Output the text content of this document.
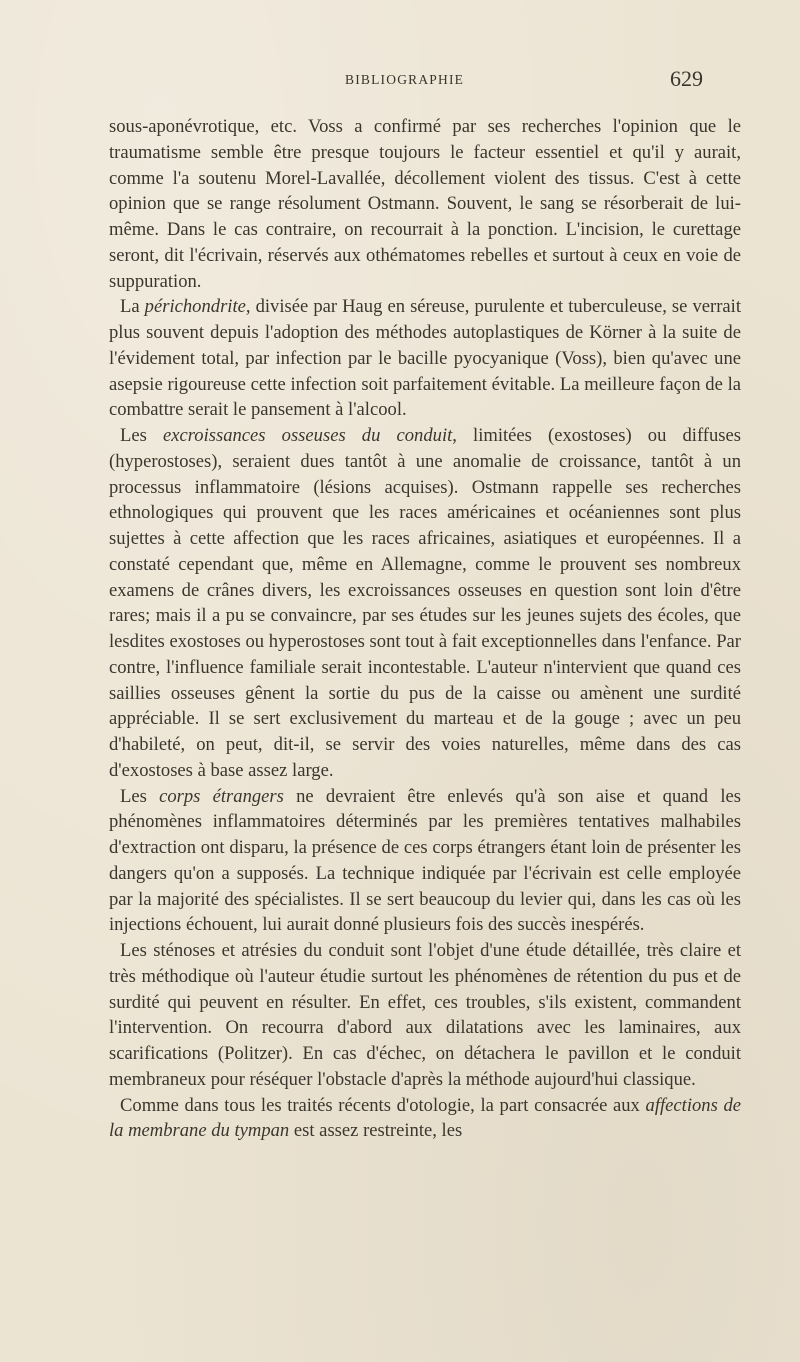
BIBLIOGRAPHIE	629

sous-aponévrotique, etc. Voss a confirmé par ses recherches l'opinion que le traumatisme semble être presque toujours le facteur essentiel et qu'il y aurait, comme l'a soutenu Morel-Lavallée, décollement violent des tissus. C'est à cette opinion que se range résolument Ostmann. Souvent, le sang se résorberait de lui-même. Dans le cas contraire, on recourrait à la ponction. L'incision, le curettage seront, dit l'écrivain, réservés aux othématomes rebelles et surtout à ceux en voie de suppuration.

La périchondrite, divisée par Haug en séreuse, purulente et tuberculeuse, se verrait plus souvent depuis l'adoption des méthodes autoplastiques de Körner à la suite de l'évidement total, par infection par le bacille pyocyanique (Voss), bien qu'avec une asepsie rigoureuse cette infection soit parfaitement évitable. La meilleure façon de la combattre serait le pansement à l'alcool.

Les excroissances osseuses du conduit, limitées (exostoses) ou diffuses (hyperostoses), seraient dues tantôt à une anomalie de croissance, tantôt à un processus inflammatoire (lésions acquises). Ostmann rappelle ses recherches ethnologiques qui prouvent que les races américaines et océaniennes sont plus sujettes à cette affection que les races africaines, asiatiques et européennes. Il a constaté cependant que, même en Allemagne, comme le prouvent ses nombreux examens de crânes divers, les excroissances osseuses en question sont loin d'être rares; mais il a pu se convaincre, par ses études sur les jeunes sujets des écoles, que lesdites exostoses ou hyperostoses sont tout à fait exceptionnelles dans l'enfance. Par contre, l'influence familiale serait incontestable. L'auteur n'intervient que quand ces saillies osseuses gênent la sortie du pus de la caisse ou amènent une surdité appréciable. Il se sert exclusivement du marteau et de la gouge ; avec un peu d'habileté, on peut, dit-il, se servir des voies naturelles, même dans des cas d'exostoses à base assez large.

Les corps étrangers ne devraient être enlevés qu'à son aise et quand les phénomènes inflammatoires déterminés par les premières tentatives malhabiles d'extraction ont disparu, la présence de ces corps étrangers étant loin de présenter les dangers qu'on a supposés. La technique indiquée par l'écrivain est celle employée par la majorité des spécialistes. Il se sert beaucoup du levier qui, dans les cas où les injections échouent, lui aurait donné plusieurs fois des succès inespérés.

Les sténoses et atrésies du conduit sont l'objet d'une étude détaillée, très claire et très méthodique où l'auteur étudie surtout les phénomènes de rétention du pus et de surdité qui peuvent en résulter. En effet, ces troubles, s'ils existent, commandent l'intervention. On recourra d'abord aux dilatations avec les laminaires, aux scarifications (Politzer). En cas d'échec, on détachera le pavillon et le conduit membraneux pour réséquer l'obstacle d'après la méthode aujourd'hui classique.

Comme dans tous les traités récents d'otologie, la part consacrée aux affections de la membrane du tympan est assez restreinte, les
